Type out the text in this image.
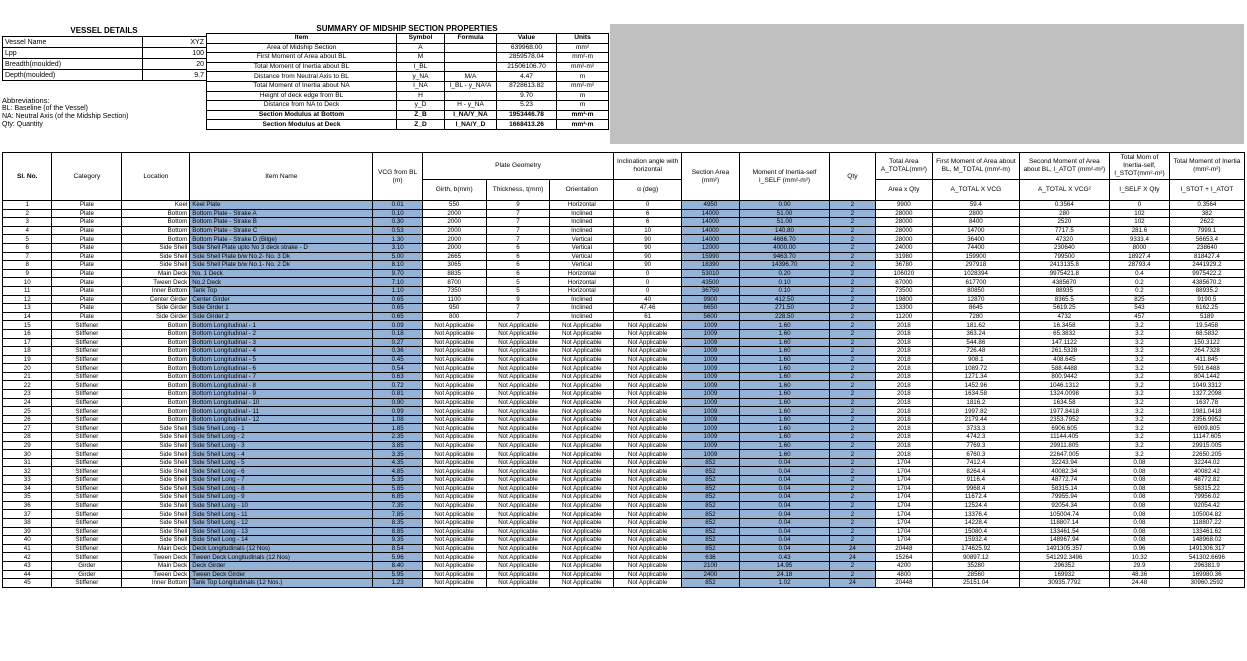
VESSEL DETAILS

Vessel Name	XYZ
Lpp	100
Breadth(moulded)	20
Depth(moulded)	9.7
Abbreviations:
BL: Baseline (of the Vessel)
NA: Neutral Axis (of the Midship Section)
Qty: Quantity
SUMMARY OF MIDSHIP SECTION PROPERTIES
Item	Symbol	Formula	Value	Units
Area of Midship Section	A		639968.00	mm²
First Moment of Area about BL	M		2859578.04	mm²-m
Total Moment of Inertia about BL	I_BL		21506106.70	mm²-m²
Distance from Neutral Axis to BL	y_NA	M/A	4.47	m
Total Moment of Inertia about NA	I_NA	I_BL - y_NA²A	8728613.82	mm²-m²
Height of deck edge from BL	H		9.70	m
Distance from NA to Deck	y_D	H - y_NA	5.23	m
Section Modulus at Bottom	Z_B	I_NA/Y_NA	1953446.78	mm²-m
Section Modulus at Deck	Z_D	I_NA/Y_D	1668413.26	mm²-m
Sl. No.	Category	Location	Item Name	VCG from BL (m)	Plate Geometry			Inclination angle with horizontal	Section Area (mm²)	Moment of Inertia-self I_SELF (mm²-m²)	Qty	Total Area A_TOTAL(mm²)	First Moment of Area about BL, M_TOTAL (mm²-m)	Second Moment of Area about BL, I_ATOT (mm²-m²)	Total Mom of Inertia-self, I_STOT(mm²-m²)	Total Moment of Inertia (mm²-m²)
					Girth, b(mm)	Thickness, t(mm)	Orientation	α (deg)				Area x Qty	A_TOTAL X VCG	A_TOTAL X VCG²	I_SELF X Qty	I_STOT + I_ATOT
1	Plate	Keel	Keel Plate	0.01	550	9	Horizontal	0	4950	0.00	2	9900	59.4	0.3564	0	0.3564
2	Plate	Bottom	Bottom Plate - Strake A	0.10	2000	7	Inclined	6	14000	51.00	2	28000	2800	280	102	382
3	Plate	Bottom	Bottom Plate - Strake B	0.30	2000	7	Inclined	6	14000	51.00	2	28000	8400	2520	102	2622
4	Plate	Bottom	Bottom Plate - Strake C	0.53	2000	7	Inclined	10	14000	140.80	2	28000	14700	7717.5	281.6	7999.1
5	Plate	Bottom	Bottom Plate - Strake D (Bilge)	1.30	2000	7	Vertical	90	14000	4666.70	2	28000	36400	47320	9333.4	56653.4
6	Plate	Side Shell	Side Shell Plate upto No 3 deck strake - D	3.10	2000	6	Vertical	90	12000	4000.00	2	24000	74400	230640	8000	238640
7	Plate	Side Shell	Side Shell Plate b/w No.2- No. 3 Dk	5.00	2665	6	Vertical	90	15990	9463.70	2	31980	159900	799500	18927.4	818427.4
8	Plate	Side Shell	Side Shell Plate b/w No.1- No. 2 Dk	8.10	3065	6	Vertical	90	18390	14396.70	2	36780	297918	2413135.8	28793.4	2441929.2
9	Plate	Main Deck	No. 1 Deck	9.70	8835	6	Horizontal	0	53010	0.20	2	106020	1028394	9975421.8	0.4	9975422.2
10	Plate	Tween Deck	No.2 Deck	7.10	8700	5	Horizontal	0	43500	0.10	2	87000	617700	4385670	0.2	4385670.2
11	Plate	Inner Bottom	Tank Top	1.10	7350	5	Horizontal	0	36750	0.10	2	73500	80850	88935	0.2	88935.2
12	Plate	Center Girder	Center Girder	0.65	1100	9	Inclined	40	9900	412.50	2	19800	12870	8365.5	825	9190.5
13	Plate	Side Girder	Side Girder 1	0.65	950	7	Inclined	47.46	6650	271.50	2	13300	8645	5619.25	543	6162.25
14	Plate	Side Girder	Side Girder 2	0.65	800	7	Inclined	61	5600	228.50	2	11200	7280	4732	457	5189
15	Stiffener	Bottom	Bottom Longitudinal - 1	0.09	Not Applicable	Not Applicable	Not Applicable	Not Applicable	1009	1.60	2	2018	181.62	16.3458	3.2	19.5458
16	Stiffener	Bottom	Bottom Longitudinal - 2	0.18	Not Applicable	Not Applicable	Not Applicable	Not Applicable	1009	1.60	2	2018	363.24	65.3832	3.2	68.5832
17	Stiffener	Bottom	Bottom Longitudinal - 3	0.27	Not Applicable	Not Applicable	Not Applicable	Not Applicable	1009	1.60	2	2018	544.86	147.1122	3.2	150.3122
18	Stiffener	Bottom	Bottom Longitudinal - 4	0.36	Not Applicable	Not Applicable	Not Applicable	Not Applicable	1009	1.60	2	2018	726.48	261.5328	3.2	264.7328
19	Stiffener	Bottom	Bottom Longitudinal - 5	0.45	Not Applicable	Not Applicable	Not Applicable	Not Applicable	1009	1.60	2	2018	908.1	408.645	3.2	411.845
20	Stiffener	Bottom	Bottom Longitudinal - 6	0.54	Not Applicable	Not Applicable	Not Applicable	Not Applicable	1009	1.60	2	2018	1089.72	588.4488	3.2	591.6488
21	Stiffener	Bottom	Bottom Longitudinal - 7	0.63	Not Applicable	Not Applicable	Not Applicable	Not Applicable	1009	1.60	2	2018	1271.34	800.9442	3.2	804.1442
22	Stiffener	Bottom	Bottom Longitudinal - 8	0.72	Not Applicable	Not Applicable	Not Applicable	Not Applicable	1009	1.60	2	2018	1452.96	1046.1312	3.2	1049.3312
23	Stiffener	Bottom	Bottom Longitudinal - 9	0.81	Not Applicable	Not Applicable	Not Applicable	Not Applicable	1009	1.60	2	2018	1634.58	1324.0098	3.2	1327.2098
24	Stiffener	Bottom	Bottom Longitudinal - 10	0.90	Not Applicable	Not Applicable	Not Applicable	Not Applicable	1009	1.60	2	2018	1816.2	1634.58	3.2	1637.78
25	Stiffener	Bottom	Bottom Longitudinal - 11	0.99	Not Applicable	Not Applicable	Not Applicable	Not Applicable	1009	1.60	2	2018	1997.82	1977.8418	3.2	1981.0418
26	Stiffener	Bottom	Bottom Longitudinal - 12	1.08	Not Applicable	Not Applicable	Not Applicable	Not Applicable	1009	1.60	2	2018	2179.44	2353.7952	3.2	2356.9952
27	Stiffener	Side Shell	Side Shell Long - 1	1.85	Not Applicable	Not Applicable	Not Applicable	Not Applicable	1009	1.60	2	2018	3733.3	6906.605	3.2	6909.805
28	Stiffener	Side Shell	Side Shell Long - 2	2.35	Not Applicable	Not Applicable	Not Applicable	Not Applicable	1009	1.60	2	2018	4742.3	11144.405	3.2	11147.605
29	Stiffener	Side Shell	Side Shell Long - 3	3.85	Not Applicable	Not Applicable	Not Applicable	Not Applicable	1009	1.60	2	2018	7769.3	29911.805	3.2	29915.005
30	Stiffener	Side Shell	Side Shell Long - 4	3.35	Not Applicable	Not Applicable	Not Applicable	Not Applicable	1009	1.60	2	2018	6760.3	22647.005	3.2	22650.205
31	Stiffener	Side Shell	Side Shell Long - 5	4.35	Not Applicable	Not Applicable	Not Applicable	Not Applicable	852	0.04	2	1704	7412.4	32243.94	0.08	32244.02
32	Stiffener	Side Shell	Side Shell Long - 6	4.85	Not Applicable	Not Applicable	Not Applicable	Not Applicable	852	0.04	2	1704	8264.4	40082.34	0.08	40082.42
33	Stiffener	Side Shell	Side Shell Long - 7	5.35	Not Applicable	Not Applicable	Not Applicable	Not Applicable	852	0.04	2	1704	9116.4	48772.74	0.08	48772.82
34	Stiffener	Side Shell	Side Shell Long - 8	5.85	Not Applicable	Not Applicable	Not Applicable	Not Applicable	852	0.04	2	1704	9968.4	58315.14	0.08	58315.22
35	Stiffener	Side Shell	Side Shell Long - 9	6.85	Not Applicable	Not Applicable	Not Applicable	Not Applicable	852	0.04	2	1704	11672.4	79955.94	0.08	79956.02
36	Stiffener	Side Shell	Side Shell Long - 10	7.35	Not Applicable	Not Applicable	Not Applicable	Not Applicable	852	0.04	2	1704	12524.4	92054.34	0.08	92054.42
37	Stiffener	Side Shell	Side Shell Long - 11	7.85	Not Applicable	Not Applicable	Not Applicable	Not Applicable	852	0.04	2	1704	13376.4	105004.74	0.08	105004.82
38	Stiffener	Side Shell	Side Shell Long - 12	8.35	Not Applicable	Not Applicable	Not Applicable	Not Applicable	852	0.04	2	1704	14228.4	118807.14	0.08	118807.22
39	Stiffener	Side Shell	Side Shell Long - 13	8.85	Not Applicable	Not Applicable	Not Applicable	Not Applicable	852	0.04	2	1704	15080.4	133461.54	0.08	133461.62
40	Stiffener	Side Shell	Side Shell Long - 14	9.35	Not Applicable	Not Applicable	Not Applicable	Not Applicable	852	0.04	2	1704	15932.4	148967.94	0.08	148968.02
41	Stiffener	Main Deck	Deck Longitudinals (12 Nos)	8.54	Not Applicable	Not Applicable	Not Applicable	Not Applicable	852	0.04	24	20448	174625.92	1491305.357	0.96	1491306.317
42	Stiffener	Tween Deck	Tween Deck Longitudinals (12 Nos)	5.96	Not Applicable	Not Applicable	Not Applicable	Not Applicable	636	0.43	24	15264	90897.12	541292.3496	10.32	541302.6696
43	Girder	Main Deck	Deck Girder	8.40	Not Applicable	Not Applicable	Not Applicable	Not Applicable	2100	14.95	2	4200	35280	296352	29.9	296381.9
44	Girder	Tween Deck	Tween Deck Girder	5.95	Not Applicable	Not Applicable	Not Applicable	Not Applicable	2400	24.18	2	4800	28560	169932	48.36	169980.36
45	Stiffener	Inner Bottom	Tank Top Longitudinals (12 Nos.)	1.23	Not Applicable	Not Applicable	Not Applicable	Not Applicable	852	1.02	24	20448	25151.04	30935.7792	24.48	30960.2592
